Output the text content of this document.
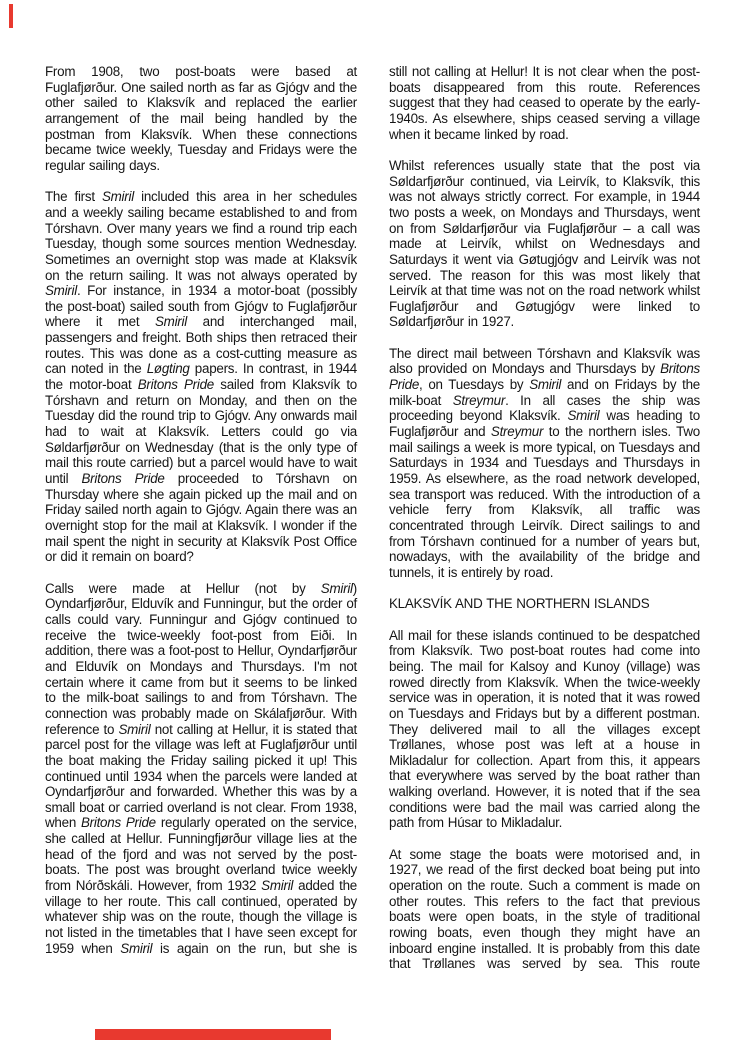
From 1908, two post-boats were based at Fuglafjørður. One sailed north as far as Gjógv and the other sailed to Klaksvík and replaced the earlier arrangement of the mail being handled by the postman from Klaksvík. When these connections became twice weekly, Tuesday and Fridays were the regular sailing days.

The first Smiril included this area in her schedules and a weekly sailing became established to and from Tórshavn. Over many years we find a round trip each Tuesday, though some sources mention Wednesday. Sometimes an overnight stop was made at Klaksvík on the return sailing. It was not always operated by Smiril. For instance, in 1934 a motor-boat (possibly the post-boat) sailed south from Gjógv to Fuglafjørður where it met Smiril and interchanged mail, passengers and freight. Both ships then retraced their routes. This was done as a cost-cutting measure as can noted in the Løgting papers. In contrast, in 1944 the motor-boat Britons Pride sailed from Klaksvík to Tórshavn and return on Monday, and then on the Tuesday did the round trip to Gjógv. Any onwards mail had to wait at Klaksvík. Letters could go via Søldarfjørður on Wednesday (that is the only type of mail this route carried) but a parcel would have to wait until Britons Pride proceeded to Tórshavn on Thursday where she again picked up the mail and on Friday sailed north again to Gjógv. Again there was an overnight stop for the mail at Klaksvík. I wonder if the mail spent the night in security at Klaksvík Post Office or did it remain on board?

Calls were made at Hellur (not by Smiril) Oyndarfjørður, Elduvík and Funningur, but the order of calls could vary. Funningur and Gjógv continued to receive the twice-weekly foot-post from Eiði. In addition, there was a foot-post to Hellur, Oyndarfjørður and Elduvík on Mondays and Thursdays. I'm not certain where it came from but it seems to be linked to the milk-boat sailings to and from Tórshavn. The connection was probably made on Skálafjørður. With reference to Smiril not calling at Hellur, it is stated that parcel post for the village was left at Fuglafjørður until the boat making the Friday sailing picked it up! This continued until 1934 when the parcels were landed at Oyndarfjørður and forwarded. Whether this was by a small boat or carried overland is not clear. From 1938, when Britons Pride regularly operated on the service, she called at Hellur. Funningfjørður village lies at the head of the fjord and was not served by the post-boats. The post was brought overland twice weekly from Nórðskáli. However, from 1932 Smiril added the village to her route. This call continued, operated by whatever ship was on the route, though the village is not listed in the timetables that I have seen except for 1959 when Smiril is again on the run, but she is

still not calling at Hellur! It is not clear when the post-boats disappeared from this route. References suggest that they had ceased to operate by the early-1940s. As elsewhere, ships ceased serving a village when it became linked by road.

Whilst references usually state that the post via Søldarfjørður continued, via Leirvík, to Klaksvík, this was not always strictly correct. For example, in 1944 two posts a week, on Mondays and Thursdays, went on from Søldarfjørður via Fuglafjørður – a call was made at Leirvík, whilst on Wednesdays and Saturdays it went via Gøtugjógv and Leirvík was not served. The reason for this was most likely that Leirvík at that time was not on the road network whilst Fuglafjørður and Gøtugjógv were linked to Søldarfjørður in 1927.

The direct mail between Tórshavn and Klaksvík was also provided on Mondays and Thursdays by Britons Pride, on Tuesdays by Smiril and on Fridays by the milk-boat Streymur. In all cases the ship was proceeding beyond Klaksvík. Smiril was heading to Fuglafjørður and Streymur to the northern isles. Two mail sailings a week is more typical, on Tuesdays and Saturdays in 1934 and Tuesdays and Thursdays in 1959. As elsewhere, as the road network developed, sea transport was reduced. With the introduction of a vehicle ferry from Klaksvík, all traffic was concentrated through Leirvík. Direct sailings to and from Tórshavn continued for a number of years but, nowadays, with the availability of the bridge and tunnels, it is entirely by road.

KLAKSVÍK AND THE NORTHERN ISLANDS

All mail for these islands continued to be despatched from Klaksvík. Two post-boat routes had come into being. The mail for Kalsoy and Kunoy (village) was rowed directly from Klaksvík. When the twice-weekly service was in operation, it is noted that it was rowed on Tuesdays and Fridays but by a different postman. They delivered mail to all the villages except Trøllanes, whose post was left at a house in Mikladalur for collection. Apart from this, it appears that everywhere was served by the boat rather than walking overland. However, it is noted that if the sea conditions were bad the mail was carried along the path from Húsar to Mikladalur.

At some stage the boats were motorised and, in 1927, we read of the first decked boat being put into operation on the route. Such a comment is made on other routes. This refers to the fact that previous boats were open boats, in the style of traditional rowing boats, even though they might have an inboard engine installed. It is probably from this date that Trøllanes was served by sea. This route
